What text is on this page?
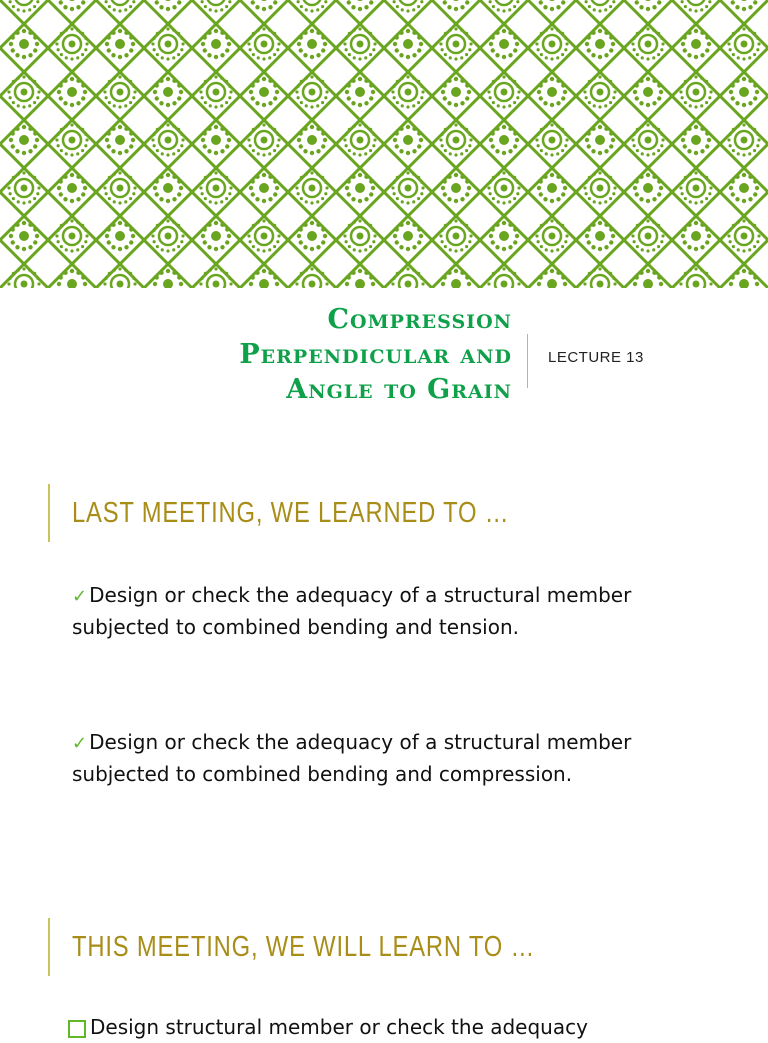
Compression
Perpendicular and
Angle to Grain
LECTURE 13
LAST MEETING, WE LEARNED TO …
✓ Design or check the adequacy of a structural member subjected to combined bending and tension.
✓ Design or check the adequacy of a structural member subjected to combined bending and compression.
THIS MEETING, WE WILL LEARN TO …
Design structural member or check the adequacy
